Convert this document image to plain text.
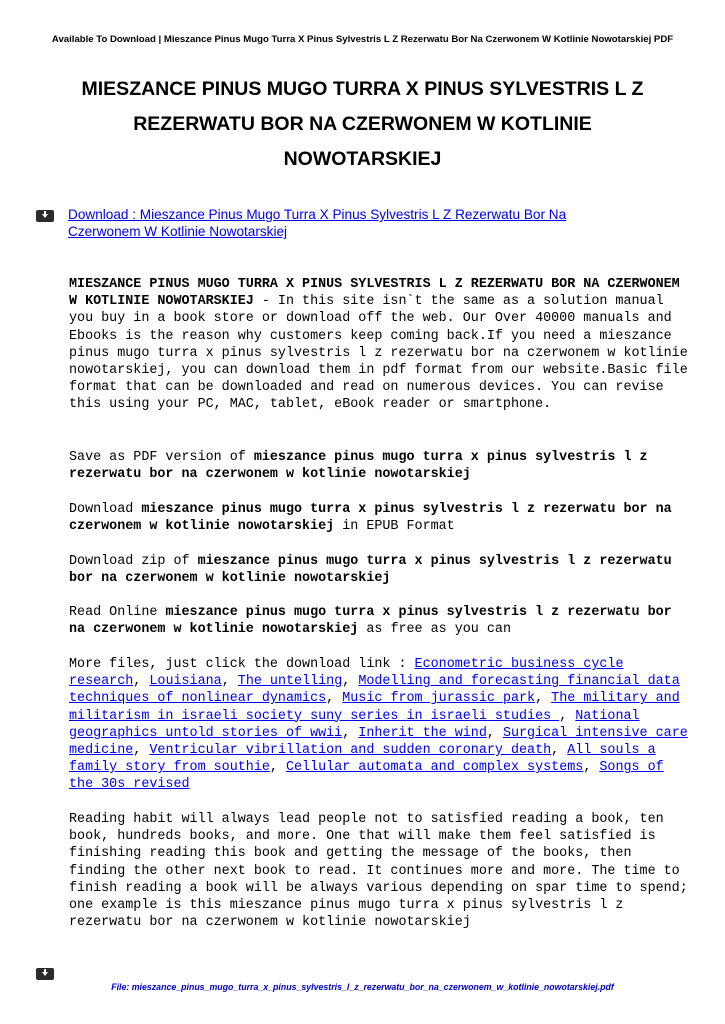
Available To Download | Mieszance Pinus Mugo Turra X Pinus Sylvestris L Z Rezerwatu Bor Na Czerwonem W Kotlinie Nowotarskiej PDF
MIESZANCE PINUS MUGO TURRA X PINUS SYLVESTRIS L Z
REZERWATU BOR NA CZERWONEM W KOTLINIE
NOWOTARSKIEJ
Download : Mieszance Pinus Mugo Turra X Pinus Sylvestris L Z Rezerwatu Bor Na
Czerwonem W Kotlinie Nowotarskiej

MIESZANCE PINUS MUGO TURRA X PINUS SYLVESTRIS L Z REZERWATU BOR NA CZERWONEM W KOTLINIE NOWOTARSKIEJ - In this site isn`t the same as a solution manual you buy in a book store or download off the web. Our Over 40000 manuals and Ebooks is the reason why customers keep coming back.If you need a mieszance pinus mugo turra x pinus sylvestris l z rezerwatu bor na czerwonem w kotlinie nowotarskiej, you can download them in pdf format from our website.Basic file format that can be downloaded and read on numerous devices. You can revise this using your PC, MAC, tablet, eBook reader or smartphone.

Save as PDF version of mieszance pinus mugo turra x pinus sylvestris l z rezerwatu bor na czerwonem w kotlinie nowotarskiej

Download mieszance pinus mugo turra x pinus sylvestris l z rezerwatu bor na czerwonem w kotlinie nowotarskiej in EPUB Format

Download zip of mieszance pinus mugo turra x pinus sylvestris l z rezerwatu bor na czerwonem w kotlinie nowotarskiej

Read Online mieszance pinus mugo turra x pinus sylvestris l z rezerwatu bor na czerwonem w kotlinie nowotarskiej as free as you can

More files, just click the download link : Econometric business cycle research, Louisiana, The untelling, Modelling and forecasting financial data techniques of nonlinear dynamics, Music from jurassic park, The military and militarism in israeli society suny series in israeli studies , National geographics untold stories of wwii, Inherit the wind, Surgical intensive care medicine, Ventricular vibrillation and sudden coronary death, All souls a family story from southie, Cellular automata and complex systems, Songs of the 30s revised

Reading habit will always lead people not to satisfied reading a book, ten book, hundreds books, and more. One that will make them feel satisfied is finishing reading this book and getting the message of the books, then finding the other next book to read. It continues more and more. The time to finish reading a book will be always various depending on spar time to spend; one example is this mieszance pinus mugo turra x pinus sylvestris l z rezerwatu bor na czerwonem w kotlinie nowotarskiej

File: mieszance_pinus_mugo_turra_x_pinus_sylvestris_l_z_rezerwatu_bor_na_czerwonem_w_kotlinie_nowotarskiej.pdf
